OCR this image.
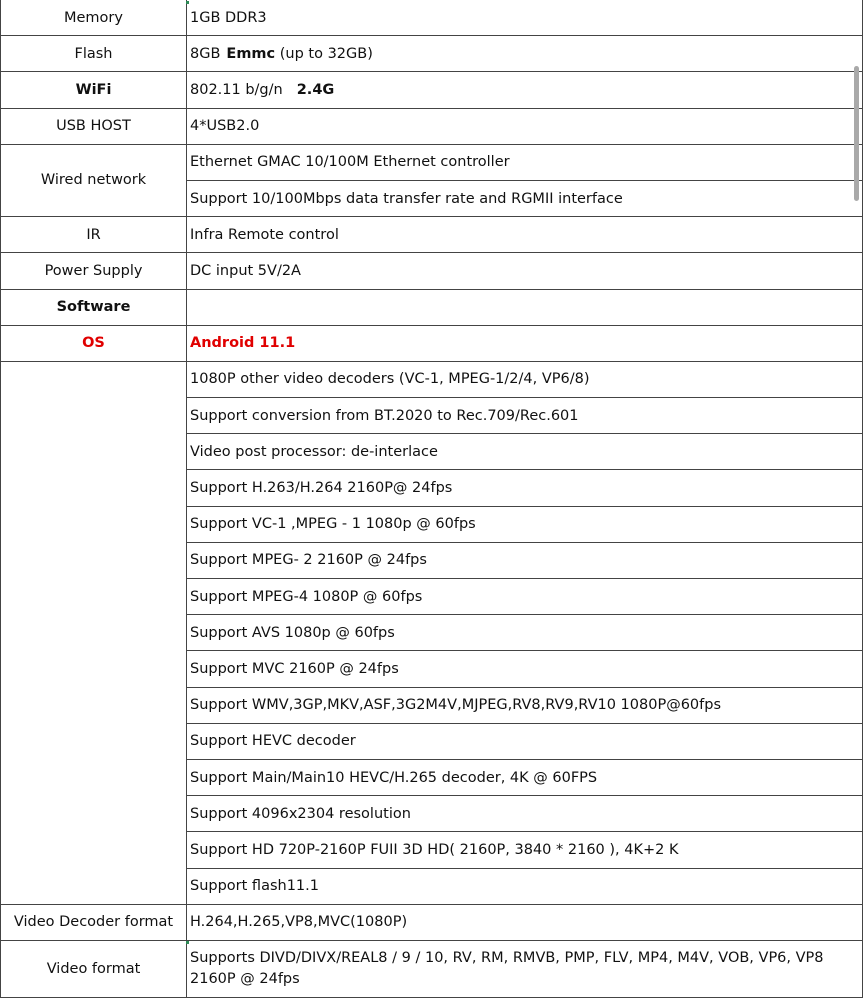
Memory	1GB DDR3
Flash	8GB Emmc (up to 32GB)
WiFi	802.11 b/g/n 2.4G
USB HOST	4*USB2.0
Wired network	Ethernet GMAC 10/100M Ethernet controller
	Support 10/100Mbps data transfer rate and RGMII interface
IR	Infra Remote control
Power Supply	DC input 5V/2A
Software	
OS	Android 11.1
	1080P other video decoders (VC-1, MPEG-1/2/4, VP6/8)
	Support conversion from BT.2020 to Rec.709/Rec.601
	Video post processor: de-interlace
	Support H.263/H.264 2160P@ 24fps
	Support VC-1 ,MPEG - 1 1080p @ 60fps
	Support MPEG- 2 2160P @ 24fps
	Support MPEG-4 1080P @ 60fps
	Support AVS 1080p @ 60fps
	Support MVC 2160P @ 24fps
	Support WMV,3GP,MKV,ASF,3G2M4V,MJPEG,RV8,RV9,RV10 1080P@60fps
	Support HEVC decoder
	Support Main/Main10 HEVC/H.265 decoder, 4K @ 60FPS
	Support 4096x2304 resolution
	Support HD 720P-2160P FUII 3D HD( 2160P, 3840 * 2160 ), 4K+2 K
	Support flash11.1
Video Decoder format	H.264,H.265,VP8,MVC(1080P)
Video format	Supports DIVD/DIVX/REAL8 / 9 / 10, RV, RM, RMVB, PMP, FLV, MP4, M4V, VOB, VP6, VP8 2160P @ 24fps
